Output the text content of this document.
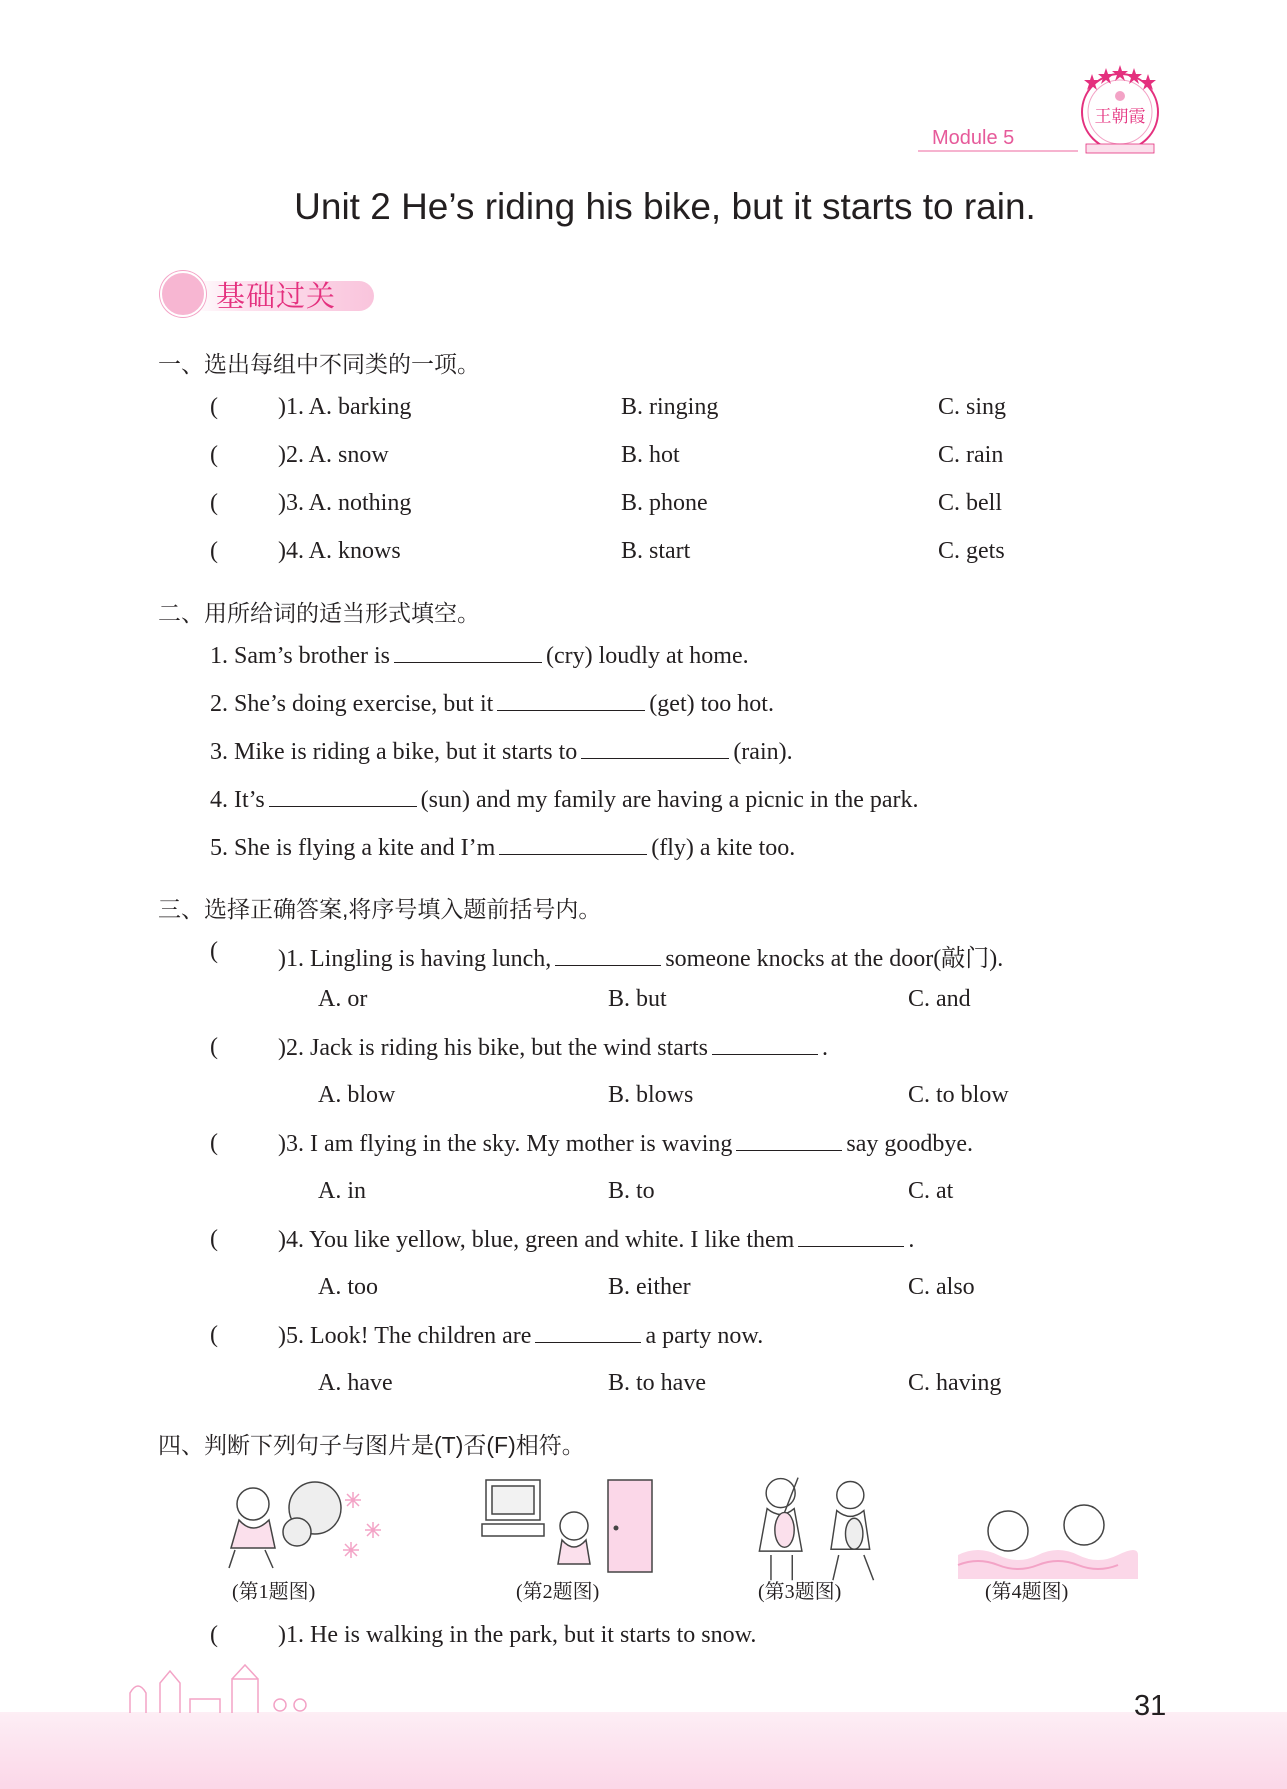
Module 5
王朝霞
Unit 2 He’s riding his bike, but it starts to rain.
基础过关
一、选出每组中不同类的一项。
(	)1. A. barking	B. ringing	C. sing
(	)2. A. snow	B. hot	C. rain
(	)3. A. nothing	B. phone	C. bell
(	)4. A. knows	B. start	C. gets
二、用所给词的适当形式填空。
1. Sam’s brother is	(cry) loudly at home.
2. She’s doing exercise, but it	(get) too hot.
3. Mike is riding a bike, but it starts to	(rain).
4. It’s	(sun) and my family are having a picnic in the park.
5. She is flying a kite and I’m	(fly) a kite too.
三、选择正确答案,将序号填入题前括号内。
(	)1. Lingling is having lunch,	someone knocks at the door(敲门).
A. or	B. but	C. and
(	)2. Jack is riding his bike, but the wind starts	.
A. blow	B. blows	C. to blow
(	)3. I am flying in the sky. My mother is waving	say goodbye.
A. in	B. to	C. at
(	)4. You like yellow, blue, green and white. I like them	.
A. too	B. either	C. also
(	)5. Look! The children are	a party now.
A. have	B. to have	C. having
四、判断下列句子与图片是(T)否(F)相符。
(第1题图)	(第2题图)	(第3题图)	(第4题图)
(	)1. He is walking in the park, but it starts to snow.
31
